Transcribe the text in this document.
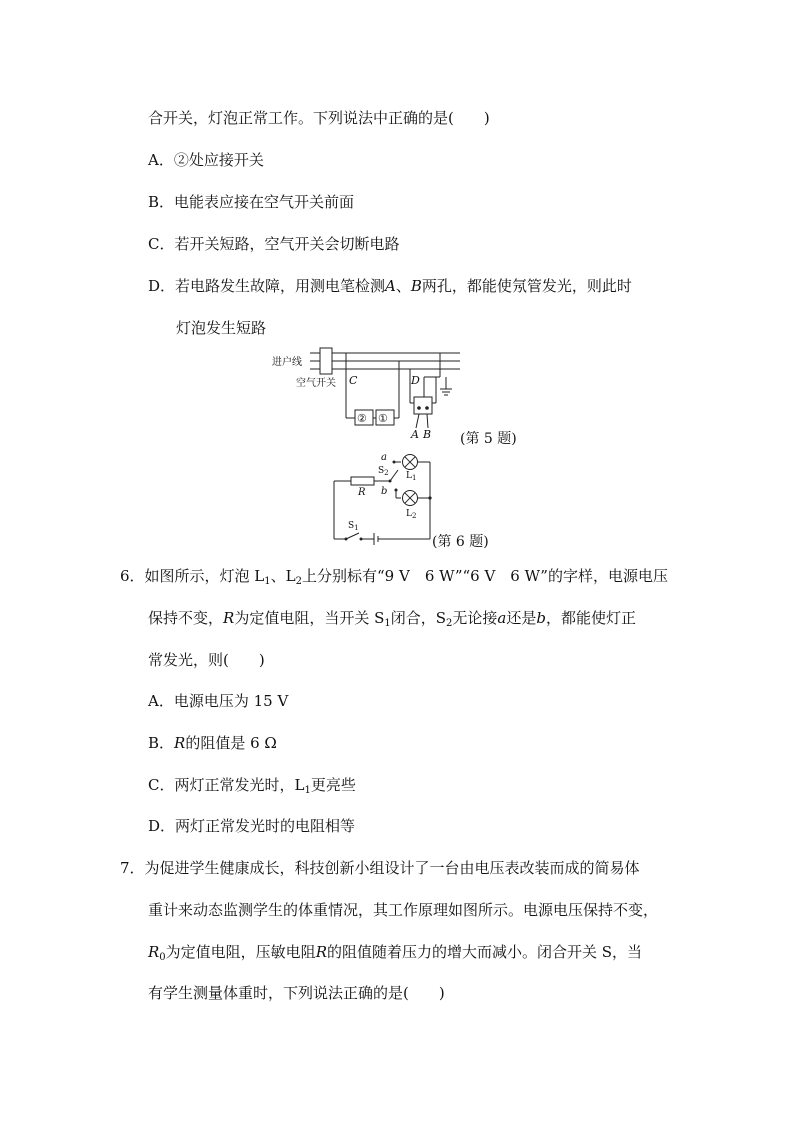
合开关，灯泡正常工作。下列说法中正确的是(　　)
A．②处应接开关
B．电能表应接在空气开关前面
C．若开关短路，空气开关会切断电路
D．若电路发生故障，用测电笔检测A、B两孔，都能使氖管发光，则此时
灯泡发生短路
进户线
空气开关 C	D
② ①
A B (第 5 题)
a
b
$S_2$ $L_1$
$L_2$
R
$S_1$
(第 6 题)
6．如图所示，灯泡 $L_1$、$L_2$上分别标有“9 V　6 W”“6 V　6 W”的字样，电源电压
保持不变，R为定值电阻，当开关 $S_1$闭合，$S_2$无论接a还是b，都能使灯正
常发光，则(　　)
A．电源电压为 15 V
B．R的阻值是 6 Ω
C．两灯正常发光时，$L_1$更亮些
D．两灯正常发光时的电阻相等
7．为促进学生健康成长，科技创新小组设计了一台由电压表改装而成的简易体
重计来动态监测学生的体重情况，其工作原理如图所示。电源电压保持不变，
$R_0$为定值电阻，压敏电阻R的阻值随着压力的增大而减小。闭合开关 S，当
有学生测量体重时，下列说法正确的是(　　)
